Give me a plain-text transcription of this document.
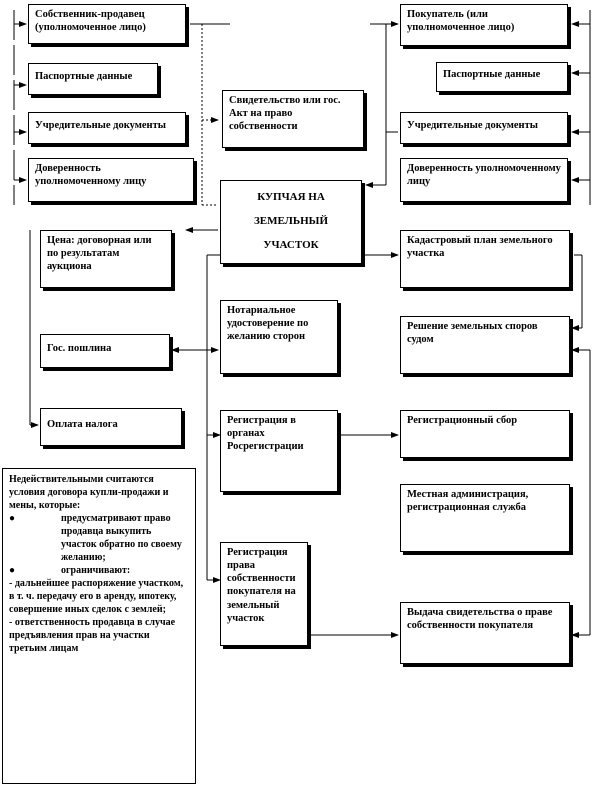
Собственник-продавец (уполномоченное лицо)
Паспортные данные
Учредительные документы
Доверенность уполномоченному лицу
Свидетельство или гос. Акт на право собственности
Покупатель (или уполномоченное лицо)
Паспортные данные
Учредительные документы
Доверенность уполномоченному лицу
КУПЧАЯ НА ЗЕМЕЛЬНЫЙ УЧАСТОК
Цена: договорная или по результатам аукциона
Гос. пошлина
Оплата налога
Нотариальное удостоверение по желанию сторон
Регистрация в органах Росрегистрации
Регистрация права собственности покупателя на земельный участок
Кадастровый план земельного участка
Решение земельных споров судом
Регистрационный сбор
Местная администрация, регистрационная служба
Выдача свидетельства о праве собственности покупателя

Недействительными считаются условия договора купли-продажи и мены, которые:

●	предусматривают право продавца выкупить участок обратно по своему желанию;

●	ограничивают:

- дальнейшее распоряжение участком, в т. ч. передачу его в аренду, ипотеку, совершение иных сделок с землей;

- ответственность продавца в случае предъявления прав на участки третьим лицам
